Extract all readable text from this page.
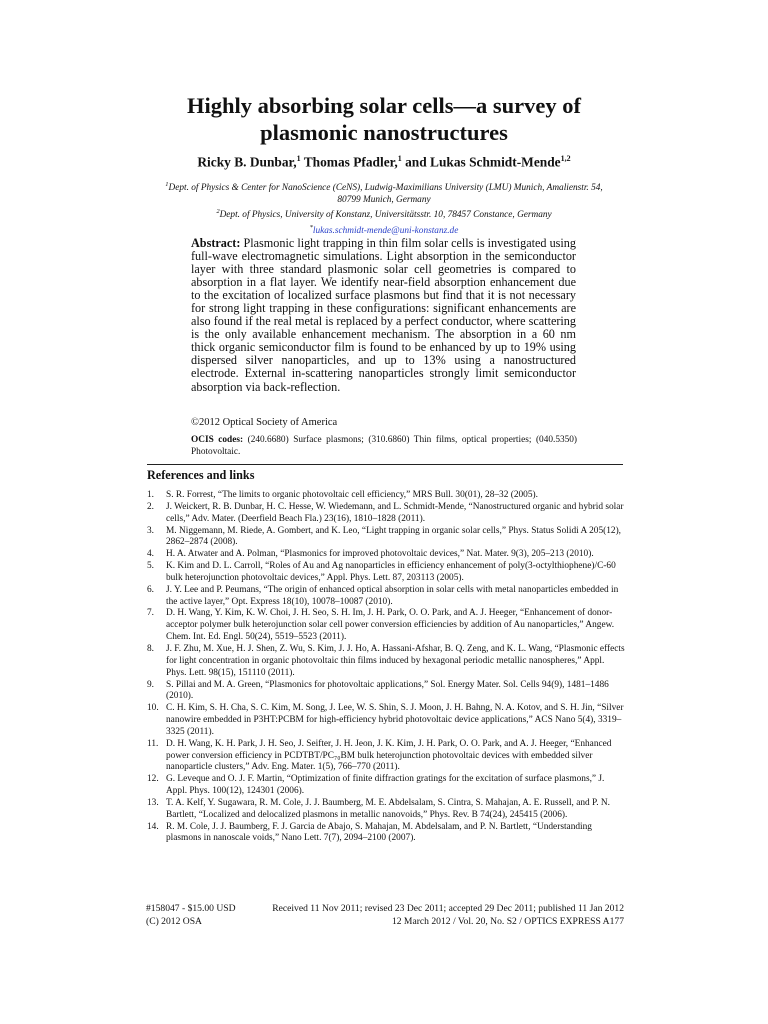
Highly absorbing solar cells—a survey of
plasmonic nanostructures
Ricky B. Dunbar,$^1$ Thomas Pfadler,$^1$ and Lukas Schmidt-Mende$^{1,2}$
$^1$Dept. of Physics & Center for NanoScience (CeNS), Ludwig-Maximilians University (LMU) Munich, Amalienstr. 54,
80799 Munich, Germany
$^2$Dept. of Physics, University of Konstanz, Universitätsstr. 10, 78457 Constance, Germany
*lukas.schmidt-mende@uni-konstanz.de
Abstract: Plasmonic light trapping in thin film solar cells is investigated using full-wave electromagnetic simulations. Light absorption in the semiconductor layer with three standard plasmonic solar cell geometries is compared to absorption in a flat layer. We identify near-field absorption enhancement due to the excitation of localized surface plasmons but find that it is not necessary for strong light trapping in these configurations: significant enhancements are also found if the real metal is replaced by a perfect conductor, where scattering is the only available enhancement mechanism. The absorption in a 60 nm thick organic semiconductor film is found to be enhanced by up to 19% using dispersed silver nanoparticles, and up to 13% using a nanostructured electrode. External in-scattering nanoparticles strongly limit semiconductor absorption via back-reflection.
©2012 Optical Society of America
OCIS codes: (240.6680) Surface plasmons; (310.6860) Thin films, optical properties; (040.5350) Photovoltaic.
References and links
1.	S. R. Forrest, “The limits to organic photovoltaic cell efficiency,” MRS Bull. 30(01), 28–32 (2005).
2.	J. Weickert, R. B. Dunbar, H. C. Hesse, W. Wiedemann, and L. Schmidt-Mende, “Nanostructured organic and hybrid solar cells,” Adv. Mater. (Deerfield Beach Fla.) 23(16), 1810–1828 (2011).
3.	M. Niggemann, M. Riede, A. Gombert, and K. Leo, “Light trapping in organic solar cells,” Phys. Status Solidi A 205(12), 2862–2874 (2008).
4.	H. A. Atwater and A. Polman, “Plasmonics for improved photovoltaic devices,” Nat. Mater. 9(3), 205–213 (2010).
5.	K. Kim and D. L. Carroll, “Roles of Au and Ag nanoparticles in efficiency enhancement of poly(3-octylthiophene)/C-60 bulk heterojunction photovoltaic devices,” Appl. Phys. Lett. 87, 203113 (2005).
6.	J. Y. Lee and P. Peumans, “The origin of enhanced optical absorption in solar cells with metal nanoparticles embedded in the active layer,” Opt. Express 18(10), 10078–10087 (2010).
7.	D. H. Wang, Y. Kim, K. W. Choi, J. H. Seo, S. H. Im, J. H. Park, O. O. Park, and A. J. Heeger, “Enhancement of donor-acceptor polymer bulk heterojunction solar cell power conversion efficiencies by addition of Au nanoparticles,” Angew. Chem. Int. Ed. Engl. 50(24), 5519–5523 (2011).
8.	J. F. Zhu, M. Xue, H. J. Shen, Z. Wu, S. Kim, J. J. Ho, A. Hassani-Afshar, B. Q. Zeng, and K. L. Wang, “Plasmonic effects for light concentration in organic photovoltaic thin films induced by hexagonal periodic metallic nanospheres,” Appl. Phys. Lett. 98(15), 151110 (2011).
9.	S. Pillai and M. A. Green, “Plasmonics for photovoltaic applications,” Sol. Energy Mater. Sol. Cells 94(9), 1481–1486 (2010).
10. C. H. Kim, S. H. Cha, S. C. Kim, M. Song, J. Lee, W. S. Shin, S. J. Moon, J. H. Bahng, N. A. Kotov, and S. H. Jin, “Silver nanowire embedded in P3HT:PCBM for high-efficiency hybrid photovoltaic device applications,” ACS Nano 5(4), 3319–3325 (2011).
11. D. H. Wang, K. H. Park, J. H. Seo, J. Seifter, J. H. Jeon, J. K. Kim, J. H. Park, O. O. Park, and A. J. Heeger, “Enhanced power conversion efficiency in PCDTBT/PC₇₀BM bulk heterojunction photovoltaic devices with embedded silver nanoparticle clusters,” Adv. Eng. Mater. 1(5), 766–770 (2011).
12. G. Leveque and O. J. F. Martin, “Optimization of finite diffraction gratings for the excitation of surface plasmons,” J. Appl. Phys. 100(12), 124301 (2006).
13. T. A. Kelf, Y. Sugawara, R. M. Cole, J. J. Baumberg, M. E. Abdelsalam, S. Cintra, S. Mahajan, A. E. Russell, and P. N. Bartlett, “Localized and delocalized plasmons in metallic nanovoids,” Phys. Rev. B 74(24), 245415 (2006).
14. R. M. Cole, J. J. Baumberg, F. J. Garcia de Abajo, S. Mahajan, M. Abdelsalam, and P. N. Bartlett, “Understanding plasmons in nanoscale voids,” Nano Lett. 7(7), 2094–2100 (2007).
#158047 - $15.00 USD
(C) 2012 OSA
Received 11 Nov 2011; revised 23 Dec 2011; accepted 29 Dec 2011; published 11 Jan 2012
12 March 2012 / Vol. 20, No. S2 / OPTICS EXPRESS A177
